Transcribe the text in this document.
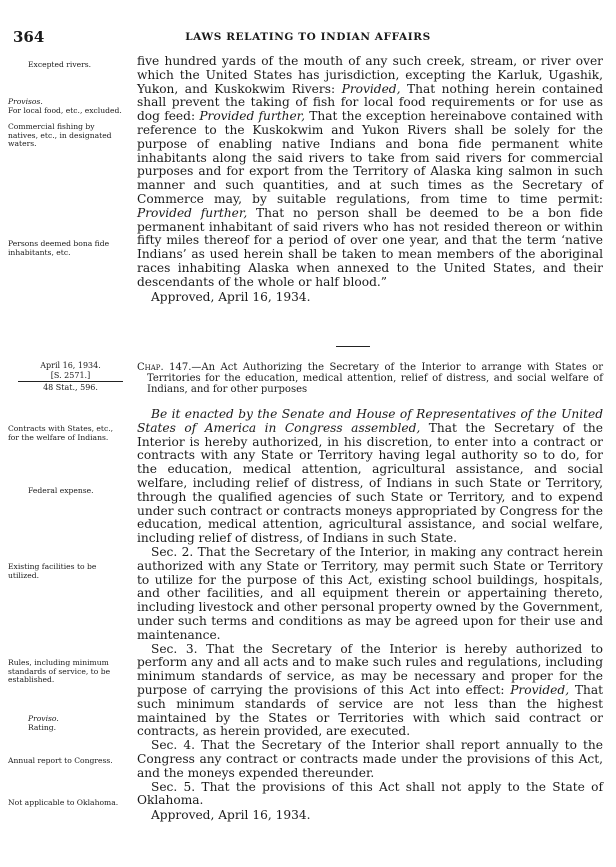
364	LAWS RELATING TO INDIAN AFFAIRS

five hundred yards of the mouth of any such creek, stream, or river over which the United States has jurisdiction, excepting the Karluk, Ugashik, Yukon, and Kuskokwim Rivers: Provided, That nothing herein contained shall prevent the taking of fish for local food requirements or for use as dog feed: Provided further, That the exception hereinabove contained with reference to the Kuskokwim and Yukon Rivers shall be solely for the purpose of enabling native Indians and bona fide permanent white inhabitants along the said rivers to take from said rivers for commercial purposes and for export from the Territory of Alaska king salmon in such manner and such quantities, and at such times as the Secretary of Commerce may, by suitable regulations, from time to time permit: Provided further, That no person shall be deemed to be a bon fide permanent inhabitant of said rivers who has not resided thereon or within fifty miles thereof for a period of over one year, and that the term ‘native Indians’ as used herein shall be taken to mean members of the aboriginal races inhabiting Alaska when annexed to the United States, and their descendants of the whole or half blood.”

Approved, April 16, 1934.

Excepted rivers.
Provisos.
For local food, etc., excluded.
Commercial fishing by natives, etc., in designated waters.
Persons deemed bona fide inhabitants, etc.
April 16, 1934.
[S. 2571.]
48 Stat., 596.

Chap. 147.—An Act Authorizing the Secretary of the Interior to arrange with States or Territories for the education, medical attention, relief of distress, and social welfare of Indians, and for other purposes

Be it enacted by the Senate and House of Representatives of the United States of America in Congress assembled, That the Secretary of the Interior is hereby authorized, in his discretion, to enter into a contract or contracts with any State or Territory having legal authority so to do, for the education, medical attention, agricultural assistance, and social welfare, including relief of distress, of Indians in such State or Territory, through the qualified agencies of such State or Territory, and to expend under such contract or contracts moneys appropriated by Congress for the education, medical attention, agricultural assistance, and social welfare, including relief of distress, of Indians in such State.

Sec. 2. That the Secretary of the Interior, in making any contract herein authorized with any State or Territory, may permit such State or Territory to utilize for the purpose of this Act, existing school buildings, hospitals, and other facilities, and all equipment therein or appertaining thereto, including livestock and other personal property owned by the Government, under such terms and conditions as may be agreed upon for their use and maintenance.

Sec. 3. That the Secretary of the Interior is hereby authorized to perform any and all acts and to make such rules and regulations, including minimum standards of service, as may be necessary and proper for the purpose of carrying the provisions of this Act into effect: Provided, That such minimum standards of service are not less than the highest maintained by the States or Territories with which said contract or contracts, as herein provided, are executed.

Sec. 4. That the Secretary of the Interior shall report annually to the Congress any contract or contracts made under the provisions of this Act, and the moneys expended thereunder.

Sec. 5. That the provisions of this Act shall not apply to the State of Oklahoma.

Approved, April 16, 1934.

Contracts with States, etc., for the welfare of Indians.
Federal expense.
Existing facilities to be utilized.
Rules, including minimum standards of service, to be established.
Proviso.
Rating.
Annual report to Congress.
Not applicable to Oklahoma.
